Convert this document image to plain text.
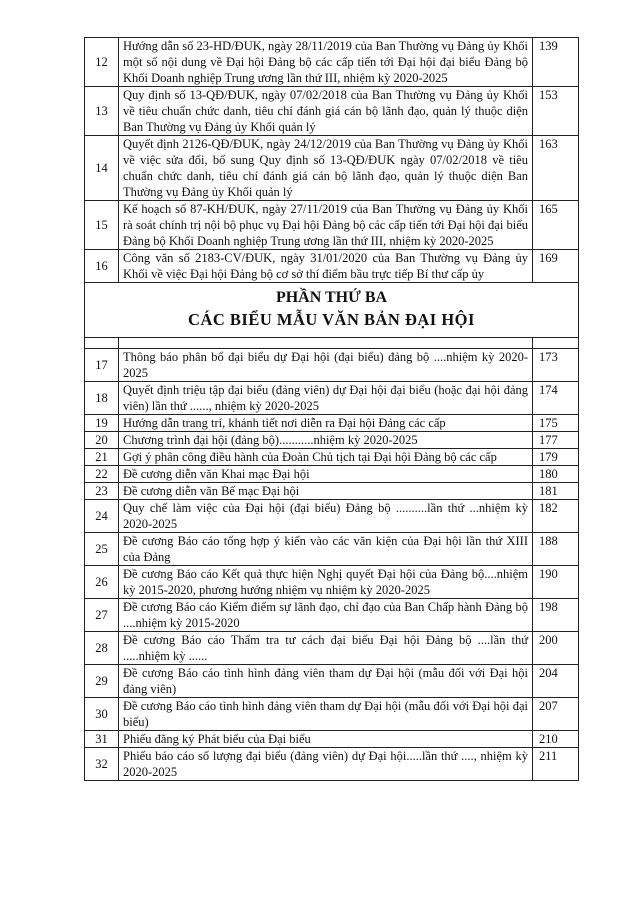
12	Hướng dẫn số 23-HD/ĐUK, ngày 28/11/2019 của Ban Thường vụ Đảng ủy Khối một số nội dung về Đại hội Đảng bộ các cấp tiến tới Đại hội đại biểu Đảng bộ Khối Doanh nghiệp Trung ương lần thứ III, nhiệm kỳ 2020-2025	139
13	Quy định số 13-QĐ/ĐUK, ngày 07/02/2018 của Ban Thường vụ Đảng ủy Khối về tiêu chuẩn chức danh, tiêu chí đánh giá cán bộ lãnh đạo, quản lý thuộc diện Ban Thường vụ Đảng ủy Khối quản lý	153
14	Quyết định 2126-QĐ/ĐUK, ngày 24/12/2019 của Ban Thường vụ Đảng ủy Khối về việc sửa đổi, bổ sung Quy định số 13-QĐ/ĐUK ngày 07/02/2018 về tiêu chuẩn chức danh, tiêu chí đánh giá cán bộ lãnh đạo, quản lý thuộc diện Ban Thường vụ Đảng ủy Khối quản lý	163
15	Kế hoạch số 87-KH/ĐUK, ngày 27/11/2019 của Ban Thường vụ Đảng ủy Khối rà soát chính trị nội bộ phục vụ Đại hội Đảng bộ các cấp tiến tới Đại hội đại biểu Đảng bộ Khối Doanh nghiệp Trung ương lần thứ III, nhiệm kỳ 2020-2025	165
16	Công văn số 2183-CV/ĐUK, ngày 31/01/2020 của Ban Thường vụ Đảng ủy Khối về việc Đại hội Đảng bộ cơ sở thí điểm bầu trực tiếp Bí thư cấp ủy	169
PHẦN THỨ BA
CÁC BIỂU MẪU VĂN BẢN ĐẠI HỘI		

17	Thông báo phân bổ đại biểu dự Đại hội (đại biểu) đảng bộ ....nhiệm kỳ 2020-2025	173
18	Quyết định triệu tập đại biểu (đảng viên) dự Đại hội đại biểu (hoặc đại hội đảng viên) lần thứ ......, nhiệm kỳ 2020-2025	174
19	Hướng dẫn trang trí, khánh tiết nơi diễn ra Đại hội Đảng các cấp	175
20	Chương trình đại hội (đảng bộ)...........nhiệm kỳ 2020-2025	177
21	Gợi ý phân công điều hành của Đoàn Chủ tịch tại Đại hội Đảng bộ các cấp	179
22	Đề cương diễn văn Khai mạc Đại hội	180
23	Đề cương diễn văn Bế mạc Đại hội	181
24	Quy chế làm việc của Đại hội (đại biểu) Đảng bộ ..........lần thứ ...nhiệm kỳ 2020-2025	182
25	Đề cương Báo cáo tổng hợp ý kiến vào các văn kiện của Đại hội lần thứ XIII của Đảng	188
26	Đề cương Báo cáo Kết quả thực hiện Nghị quyết Đại hội của Đảng bộ....nhiệm kỳ 2015-2020, phương hướng nhiệm vụ nhiệm kỳ 2020-2025	190
27	Đề cương Báo cáo Kiểm điểm sự lãnh đạo, chỉ đạo của Ban Chấp hành Đảng bộ ....nhiệm kỳ 2015-2020	198
28	Đề cương Báo cáo Thẩm tra tư cách đại biểu Đại hội Đảng bộ ....lần thứ .....nhiệm kỳ ......	200
29	Đề cương Báo cáo tình hình đảng viên tham dự Đại hội (mẫu đối với Đại hội đảng viên)	204
30	Đề cương Báo cáo tình hình đảng viên tham dự Đại hội (mẫu đối với Đại hội đại biểu)	207
31	Phiếu đăng ký Phát biểu của Đại biểu	210
32	Phiếu báo cáo số lượng đại biểu (đảng viên) dự Đại hội.....lần thứ ...., nhiệm kỳ 2020-2025	211
